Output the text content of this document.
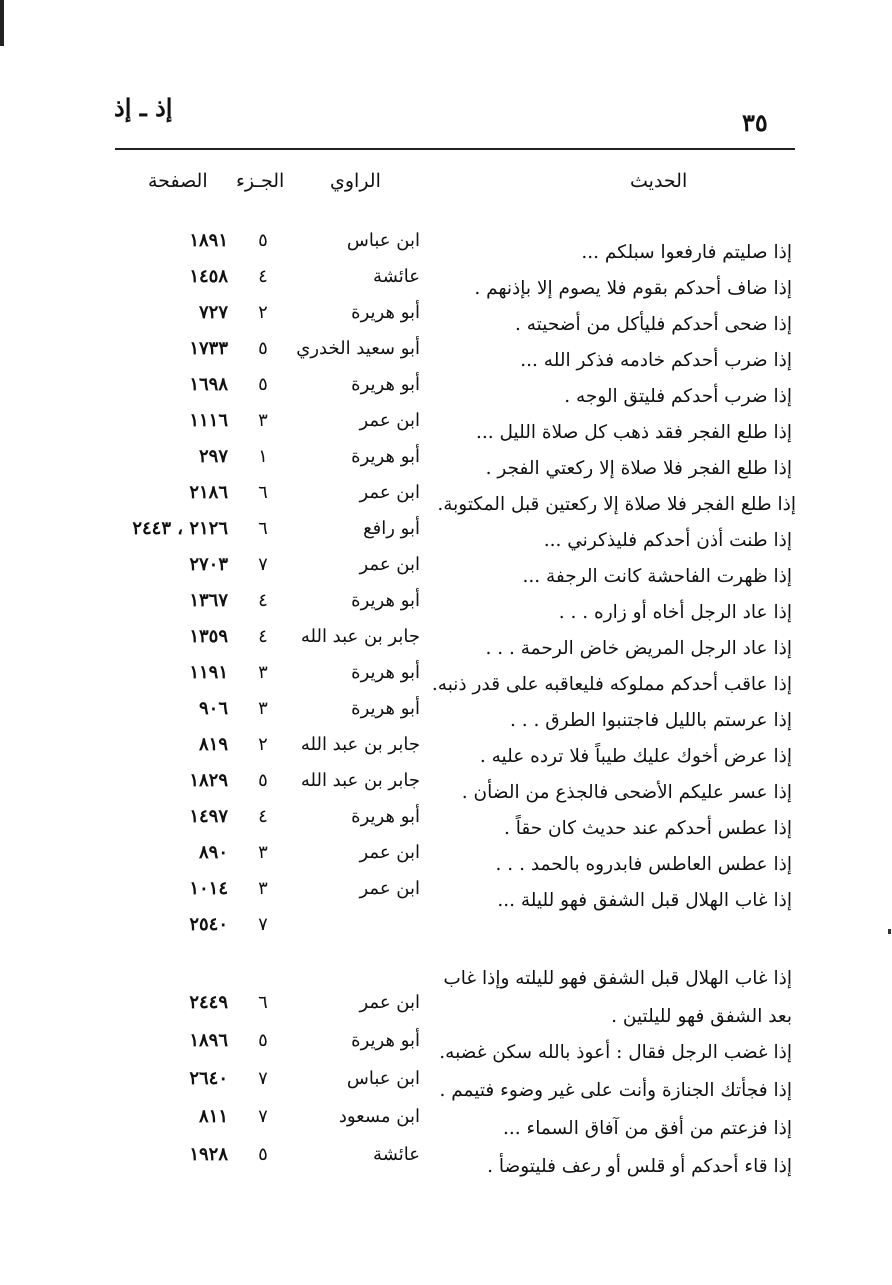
إذ ـ إذ
٣٥
الحديث
الراوي
الجـزء
الصفحة
إذا صليتم فارفعوا سبلكم ...
ابن عباس
٥
١٨٩١
إذا ضاف أحدكم بقوم فلا يصوم إلا بإذنهم .
عائشة
٤
١٤٥٨
إذا ضحى أحدكم فليأكل من أضحيته .
أبو هريرة
٢
٧٢٧
إذا ضرب أحدكم خادمه فذكر الله ...
أبو سعيد الخدري
٥
١٧٣٣
إذا ضرب أحدكم فليتق الوجه .
أبو هريرة
٥
١٦٩٨
إذا طلع الفجر فقد ذهب كل صلاة الليل ...
ابن عمر
٣
١١١٦
إذا طلع الفجر فلا صلاة إلا ركعتي الفجر .
أبو هريرة
١
٢٩٧
إذا طلع الفجر فلا صلاة إلا ركعتين قبل المكتوبة.
ابن عمر
٦
٢١٨٦
إذا طنت أذن أحدكم فليذكرني ...
أبو رافع
٦
٢١٢٦ ، ٢٤٤٣
إذا ظهرت الفاحشة كانت الرجفة ...
ابن عمر
٧
٢٧٠٣
إذا عاد الرجل أخاه أو زاره . . .
أبو هريرة
٤
١٣٦٧
إذا عاد الرجل المريض خاض الرحمة . . .
جابر بن عبد الله
٤
١٣٥٩
إذا عاقب أحدكم مملوكه فليعاقبه على قدر ذنبه.
أبو هريرة
٣
١١٩١
إذا عرستم بالليل فاجتنبوا الطرق . . .
أبو هريرة
٣
٩٠٦
إذا عرض أخوك عليك طيباً فلا ترده عليه .
جابر بن عبد الله
٢
٨١٩
إذا عسر عليكم الأضحى فالجذع من الضأن .
جابر بن عبد الله
٥
١٨٢٩
إذا عطس أحدكم عند حديث كان حقاً .
أبو هريرة
٤
١٤٩٧
إذا عطس العاطس فابدروه بالحمد . . .
ابن عمر
٣
٨٩٠
إذا غاب الهلال قبل الشفق فهو لليلة ...
ابن عمر
٣
١٠١٤
٧
٢٥٤٠
إذا غاب الهلال قبل الشفق فهو لليلته وإذا غاب
بعد الشفق فهو لليلتين .
ابن عمر
٦
٢٤٤٩
إذا غضب الرجل فقال : أعوذ بالله سكن غضبه.
أبو هريرة
٥
١٨٩٦
إذا فجأتك الجنازة وأنت على غير وضوء فتيمم .
ابن عباس
٧
٢٦٤٠
إذا فزعتم من أفق من آفاق السماء ...
ابن مسعود
٧
٨١١
إذا قاء أحدكم أو قلس أو رعف فليتوضأ .
عائشة
٥
١٩٢٨
